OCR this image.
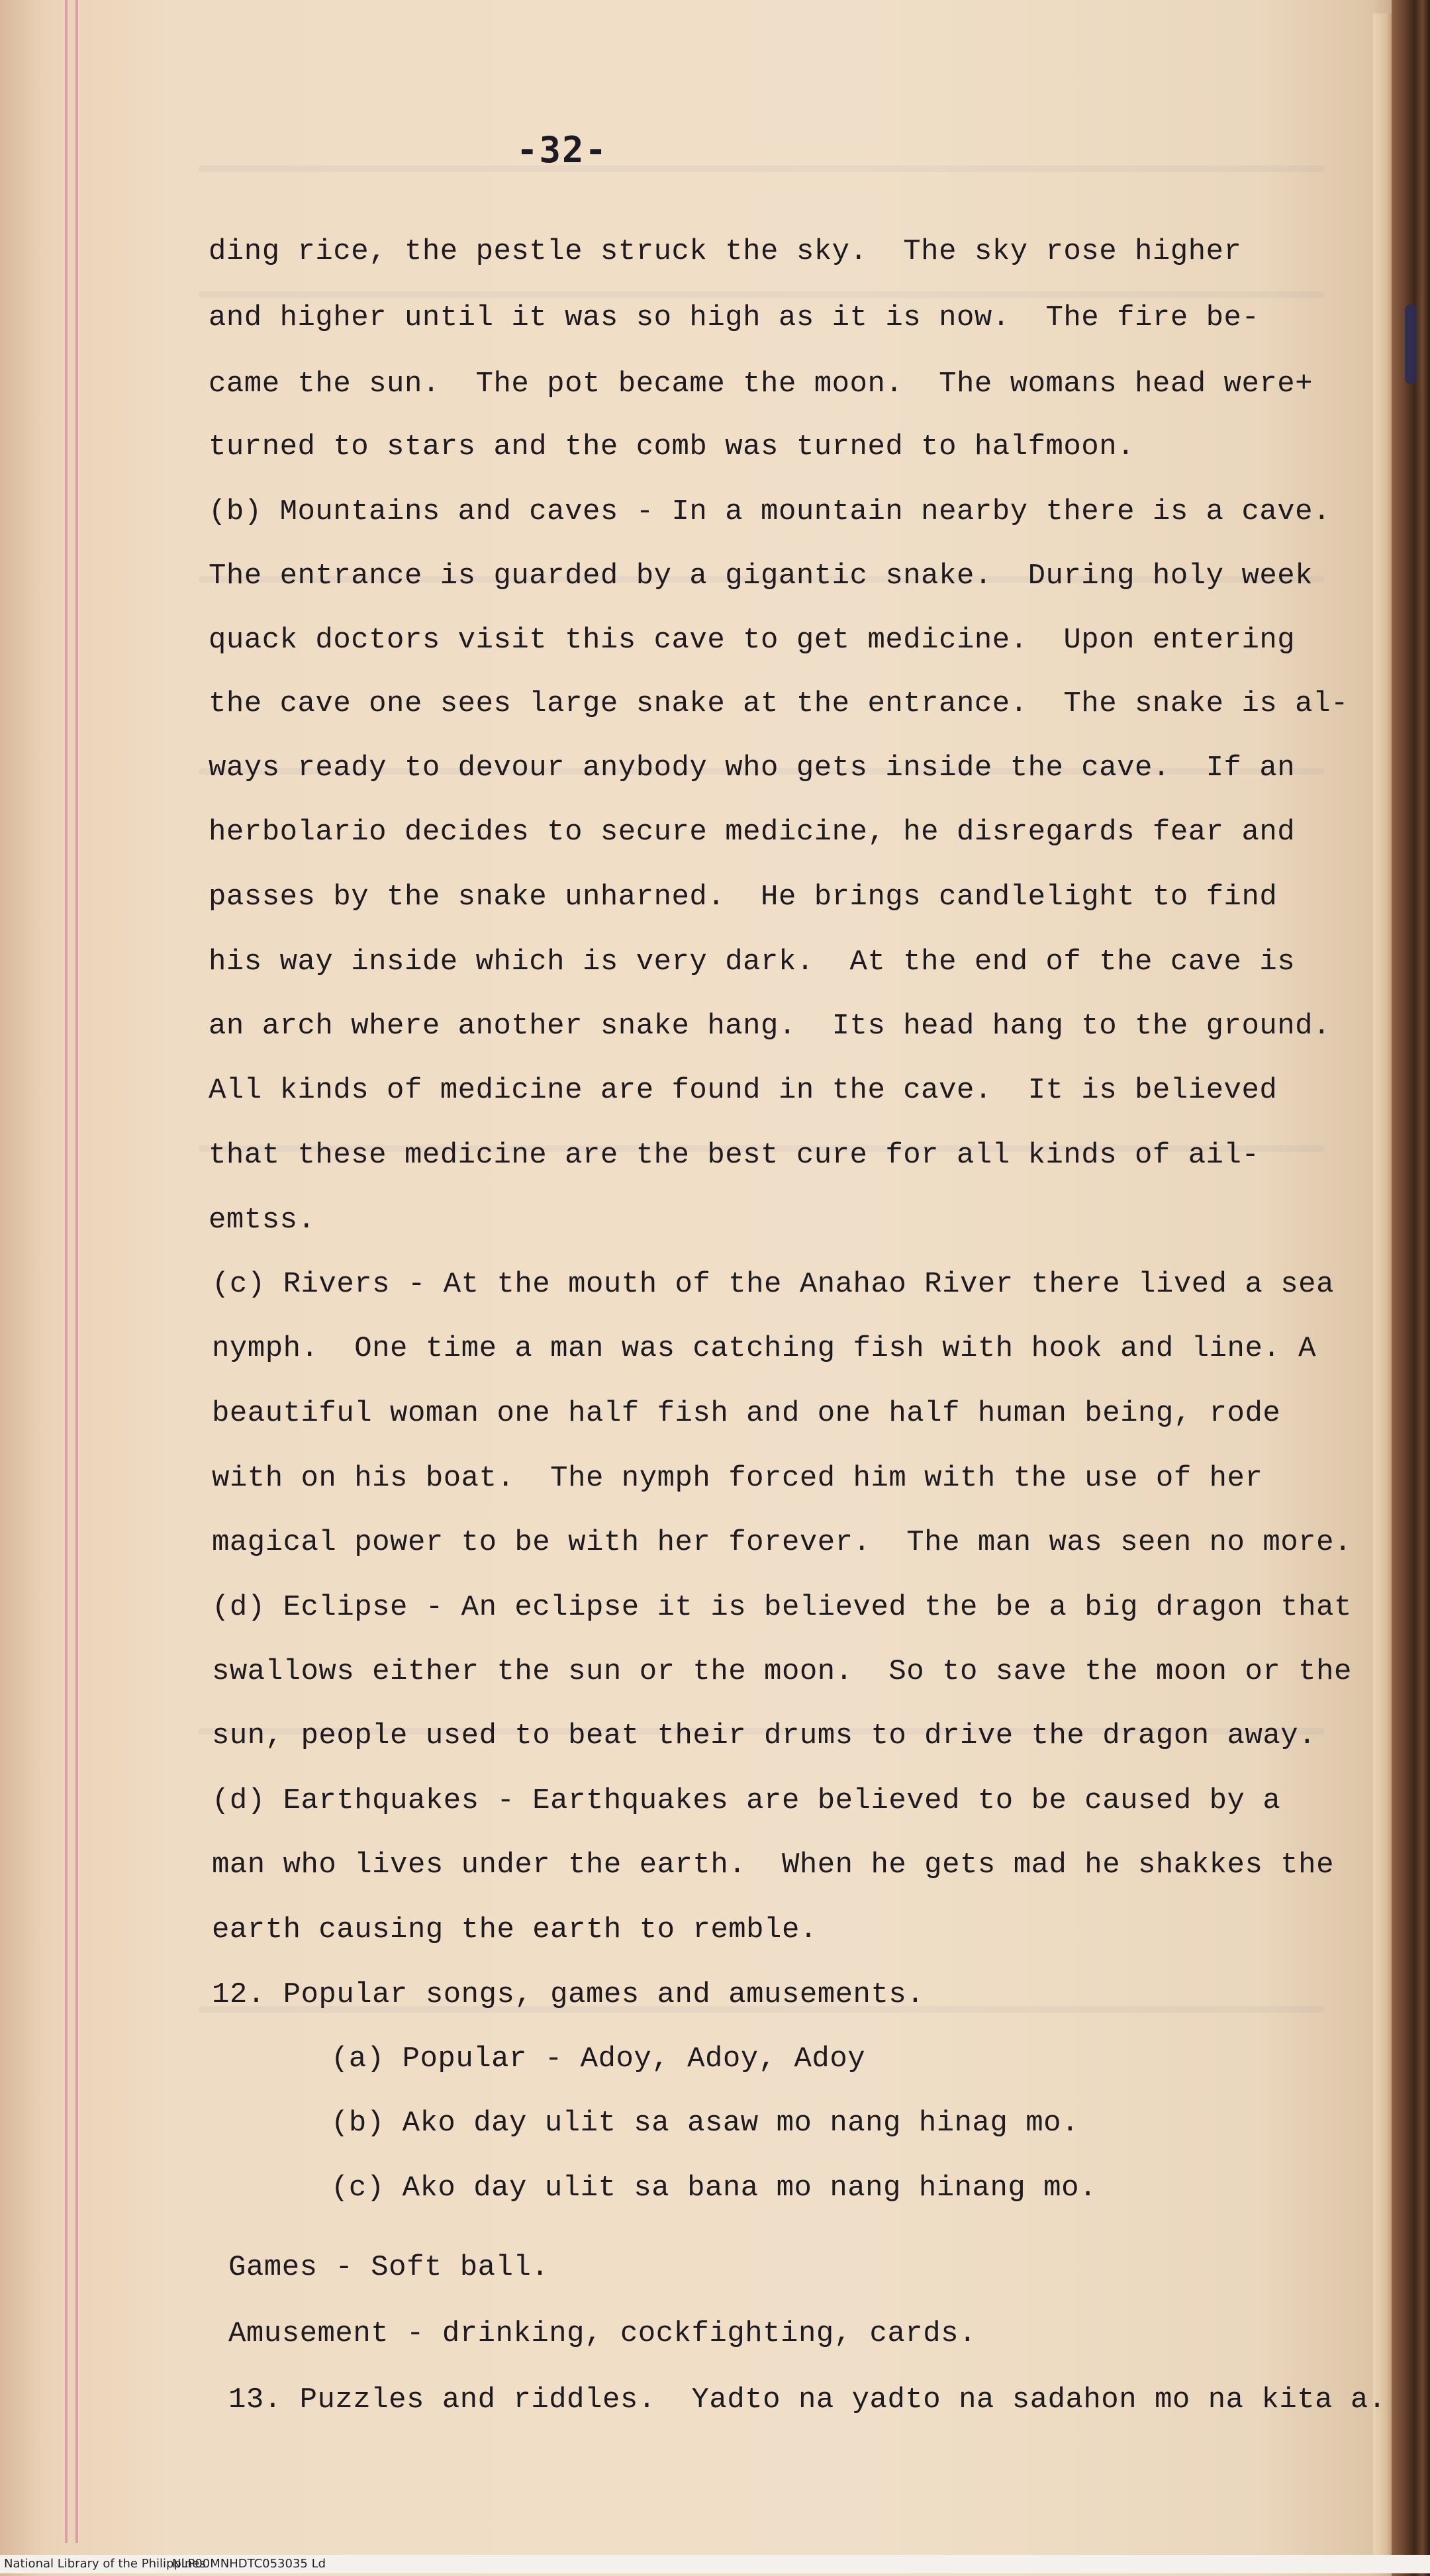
-32-

ding rice, the pestle struck the sky.  The sky rose higher

and higher until it was so high as it is now.  The fire be-

came the sun.  The pot became the moon.  The womans head were+

turned to stars and the comb was turned to halfmoon.

(b) Mountains and caves - In a mountain nearby there is a cave.

The entrance is guarded by a gigantic snake.  During holy week

quack doctors visit this cave to get medicine.  Upon entering

the cave one sees large snake at the entrance.  The snake is al-

ways ready to devour anybody who gets inside the cave.  If an

herbolario decides to secure medicine, he disregards fear and

passes by the snake unharned.  He brings candlelight to find

his way inside which is very dark.  At the end of the cave is

an arch where another snake hang.  Its head hang to the ground.

All kinds of medicine are found in the cave.  It is believed

that these medicine are the best cure for all kinds of ail-

emtss.

(c) Rivers - At the mouth of the Anahao River there lived a sea

nymph.  One time a man was catching fish with hook and line. A

beautiful woman one half fish and one half human being, rode

with on his boat.  The nymph forced him with the use of her

magical power to be with her forever.  The man was seen no more.

(d) Eclipse - An eclipse it is believed the be a big dragon that

swallows either the sun or the moon.  So to save the moon or the

sun, people used to beat their drums to drive the dragon away.

(d) Earthquakes - Earthquakes are believed to be caused by a

man who lives under the earth.  When he gets mad he shakkes the

earth causing the earth to remble.

12. Popular songs, games and amusements.

(a) Popular - Adoy, Adoy, Adoy

(b) Ako day ulit sa asaw mo nang hinag mo.

(c) Ako day ulit sa bana mo nang hinang mo.

Games - Soft ball.

Amusement - drinking, cockfighting, cards.

13. Puzzles and riddles.  Yadto na yadto na sadahon mo na kita a.

National Library of the Philippines
NLP00MNHDTC053035 Ld
